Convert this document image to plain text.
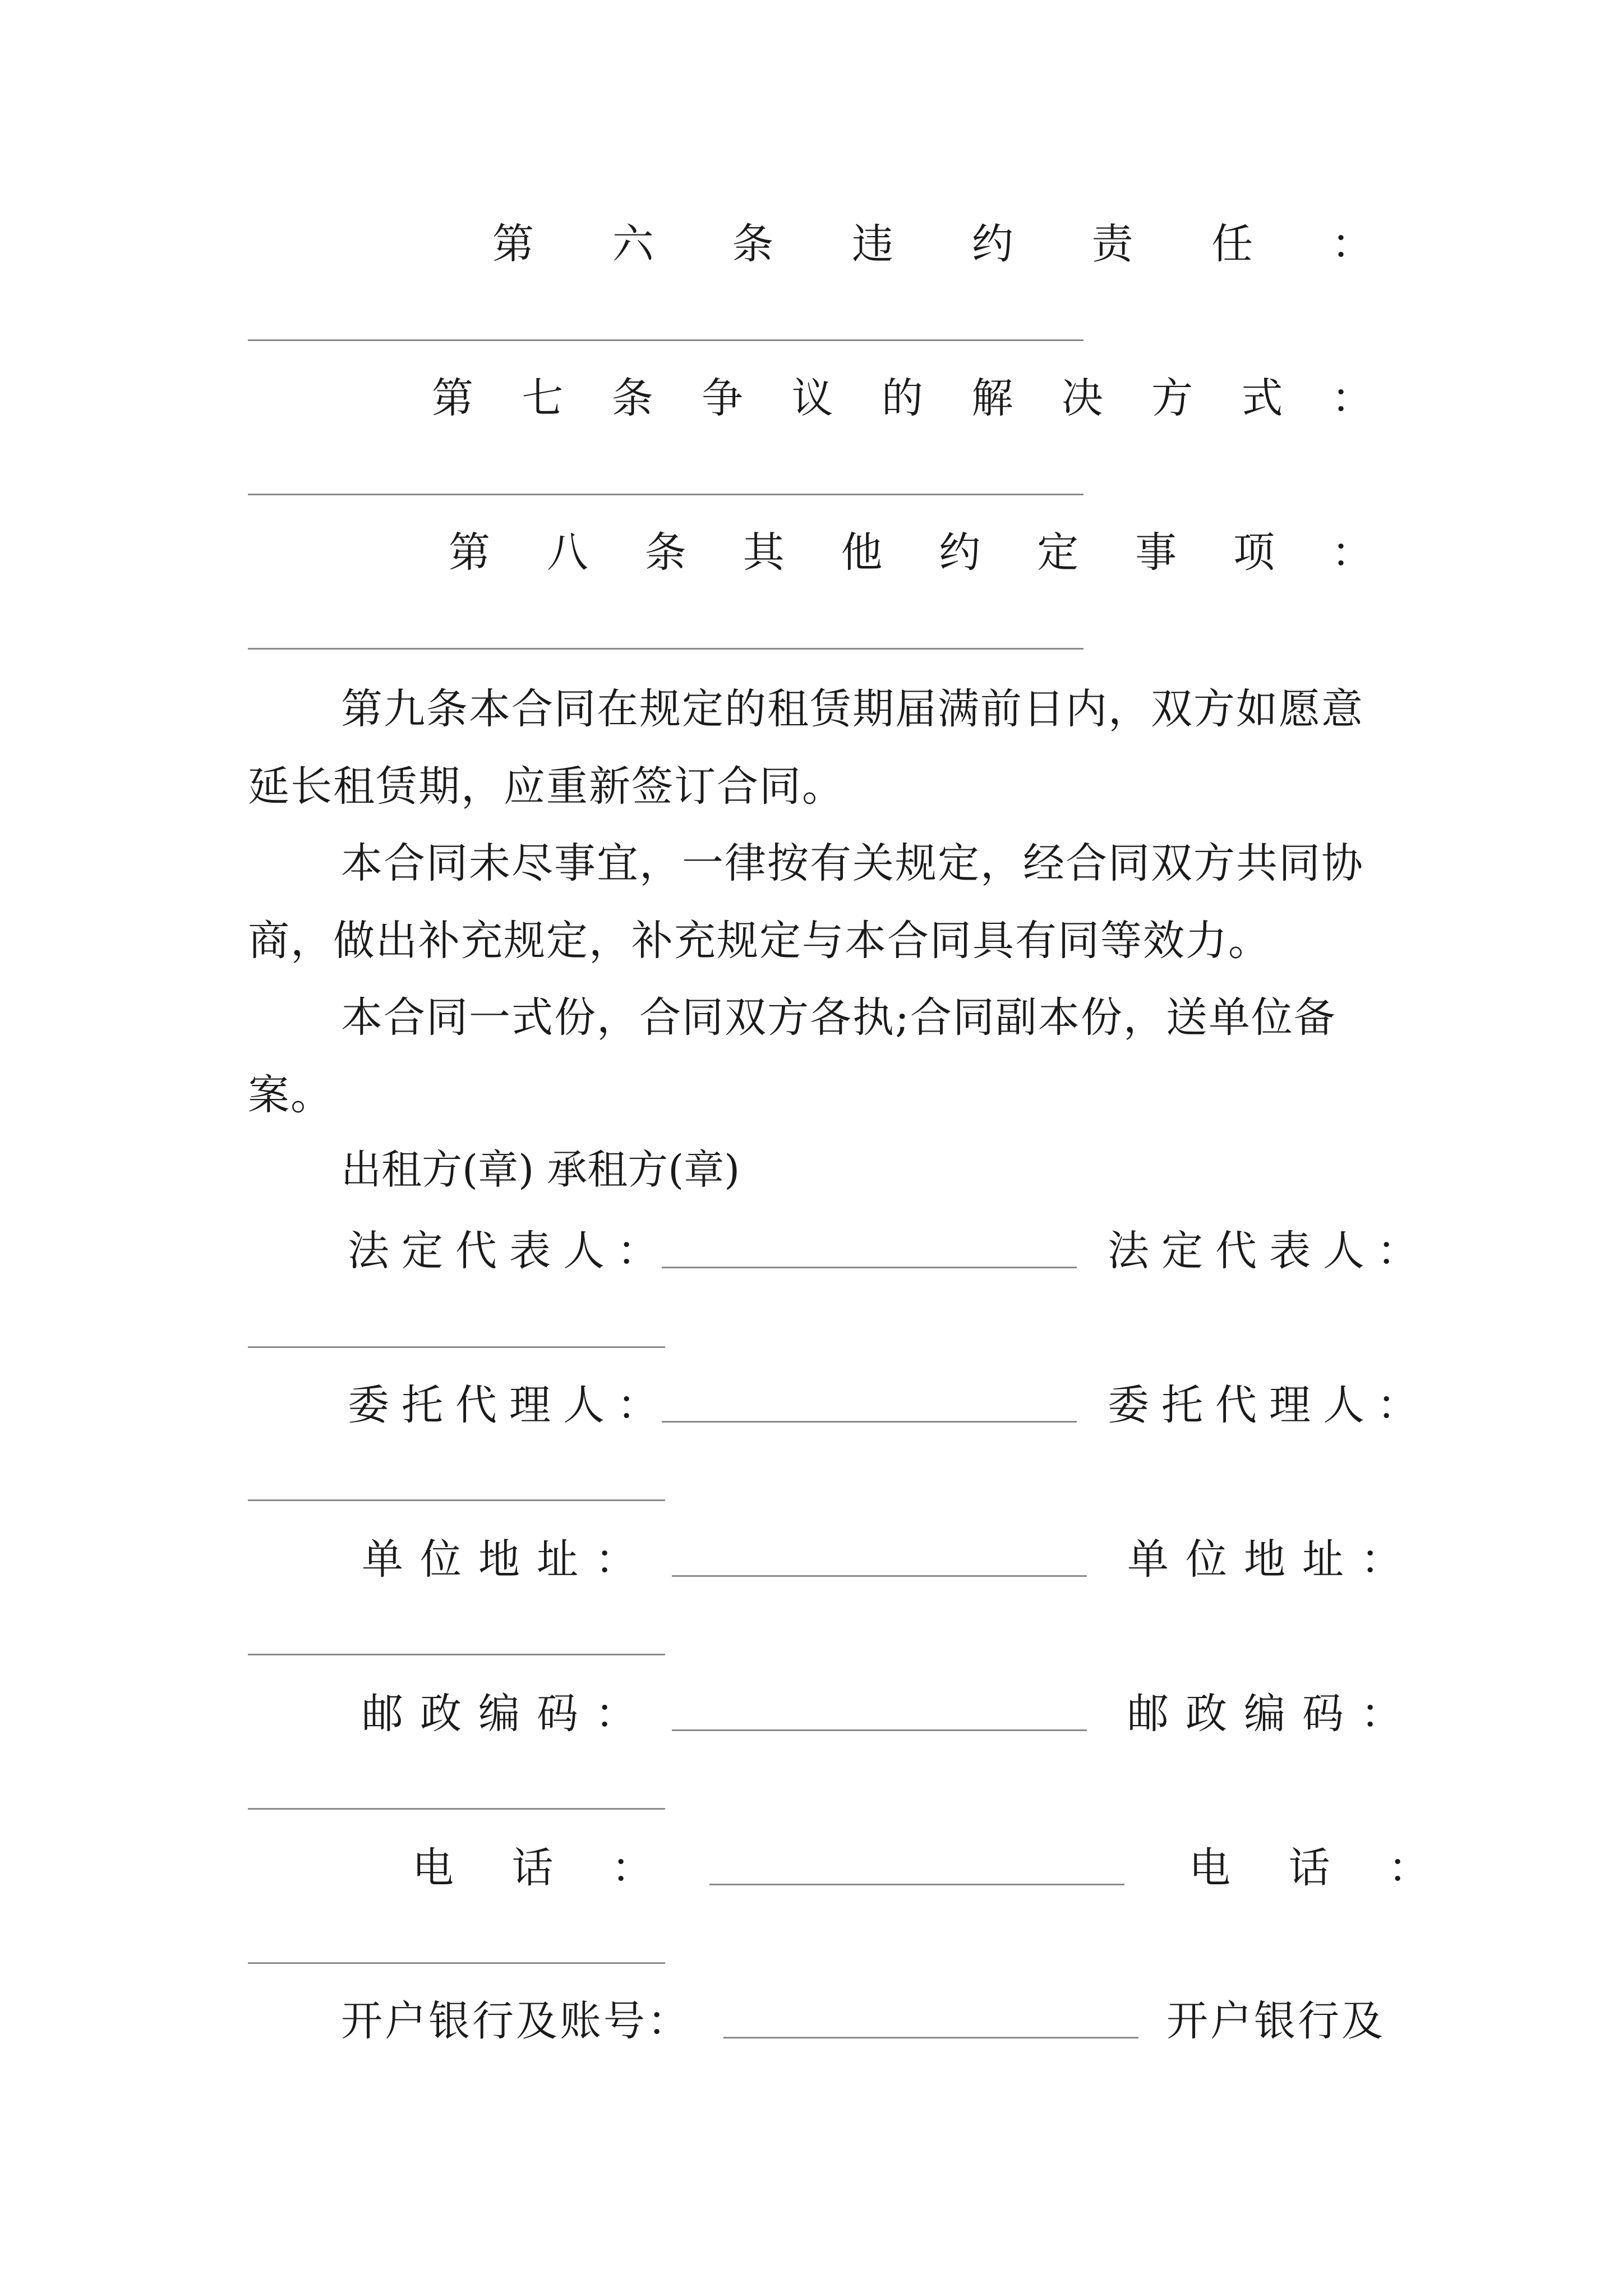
第 六 条 违 约 责 任 ：
第 七 条 争 议 的 解 决 方 式 ：
第 八 条 其 他 约 定 事 项 ：
第九条本合同在规定的租赁期届满前日内，双方如愿意延长租赁期，应重新签订合同。
本合同未尽事宜，一律按有关规定，经合同双方共同协商，做出补充规定，补充规定与本合同具有同等效力。
本合同一式份，合同双方各执;合同副本份，送单位备案。
出租方(章) 承租方(章)
法定代表人：	法定代表人：
委托代理人：	委托代理人：
单位地址：	单位地址：
邮政编码：	邮政编码：
电 话 ：	电 话 ：
开户银行及账号：	开户银行及
